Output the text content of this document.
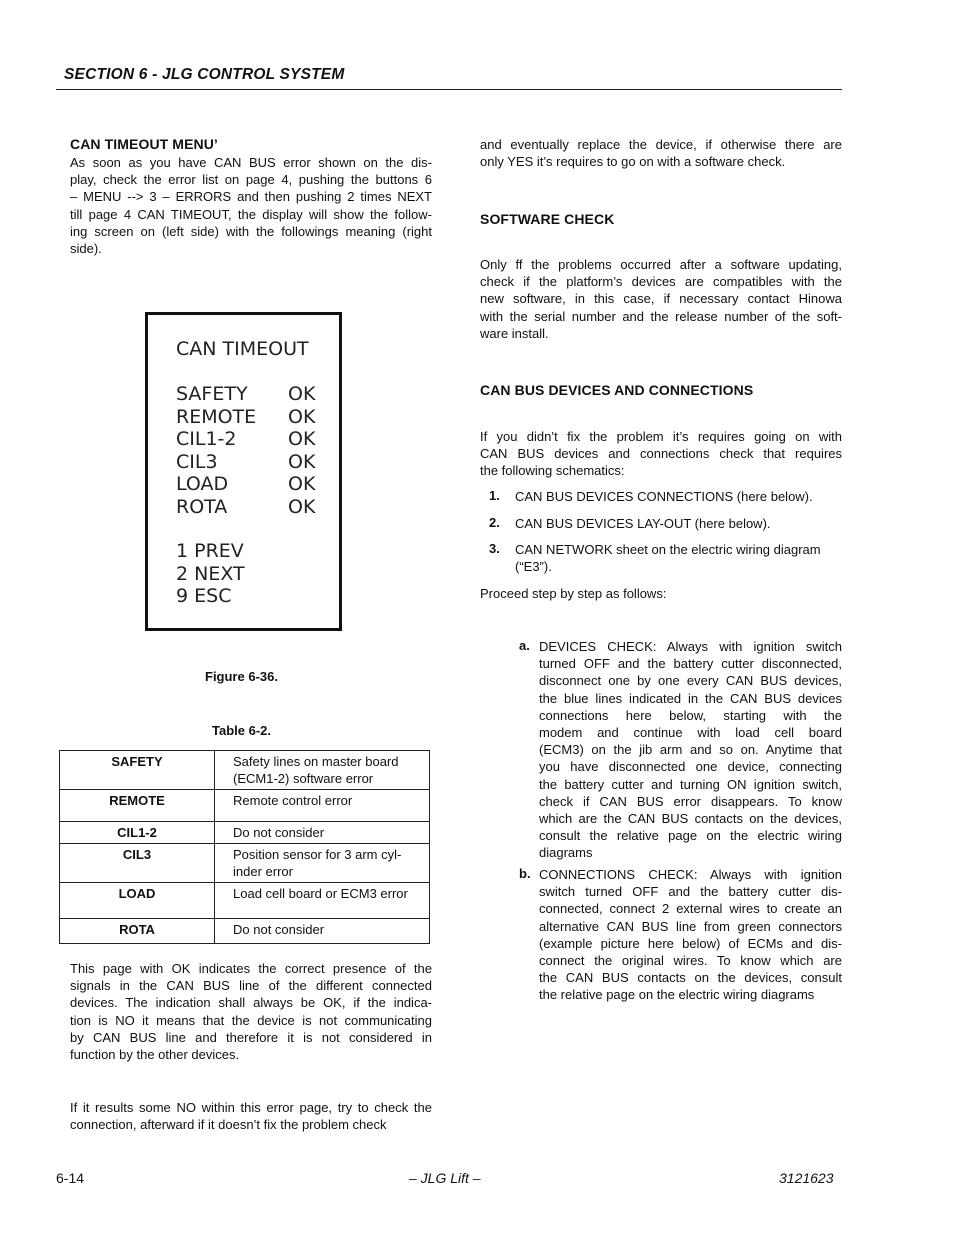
SECTION 6 - JLG CONTROL SYSTEM
CAN TIMEOUT MENU’
As soon as you have CAN BUS error shown on the dis-
play, check the error list on page 4, pushing the buttons 6
– MENU --> 3 – ERRORS and then pushing 2 times NEXT
till page 4 CAN TIMEOUT, the display will show the follow-
ing screen on (left side) with the followings meaning (right
side).
CAN TIMEOUT
SAFETY OK
REMOTE OK
CIL1-2	OK
CIL3	OK
LOAD	OK
ROTA	OK
1 PREV
2 NEXT
9 ESC
Figure 6-36.
Table 6-2.
SAFETY	Safety lines on master board (ECM1-2) software error
REMOTE	Remote control error
CIL1-2	Do not consider
CIL3	Position sensor for 3 arm cyl-inder error
LOAD	Load cell board or ECM3 error
ROTA	Do not consider
This page with OK indicates the correct presence of the
signals in the CAN BUS line of the different connected
devices. The indication shall always be OK, if the indica-
tion is NO it means that the device is not communicating
by CAN BUS line and therefore it is not considered in
function by the other devices.
If it results some NO within this error page, try to check the
connection, afterward if it doesn’t fix the problem check
and eventually replace the device, if otherwise there are
only YES it’s requires to go on with a software check.
SOFTWARE CHECK
Only ff the problems occurred after a software updating,
check if the platform’s devices are compatibles with the
new software, in this case, if necessary contact Hinowa
with the serial number and the release number of the soft-
ware install.
CAN BUS DEVICES AND CONNECTIONS
If you didn’t fix the problem it’s requires going on with
CAN BUS devices and connections check that requires
the following schematics:
1. CAN BUS DEVICES CONNECTIONS (here below).
2. CAN BUS DEVICES LAY-OUT (here below).
3. CAN NETWORK sheet on the electric wiring diagram
(“E3”).
Proceed step by step as follows:
a. DEVICES CHECK: Always with ignition switch
turned OFF and the battery cutter disconnected,
disconnect one by one every CAN BUS devices,
the blue lines indicated in the CAN BUS devices
connections here below, starting with the
modem and continue with load cell board
(ECM3) on the jib arm and so on. Anytime that
you have disconnected one device, connecting
the battery cutter and turning ON ignition switch,
check if CAN BUS error disappears. To know
which are the CAN BUS contacts on the devices,
consult the relative page on the electric wiring
diagrams
b. CONNECTIONS CHECK: Always with ignition
switch turned OFF and the battery cutter dis-
connected, connect 2 external wires to create an
alternative CAN BUS line from green connectors
(example picture here below) of ECMs and dis-
connect the original wires. To know which are
the CAN BUS contacts on the devices, consult
the relative page on the electric wiring diagrams
6-14	– JLG Lift –	3121623
